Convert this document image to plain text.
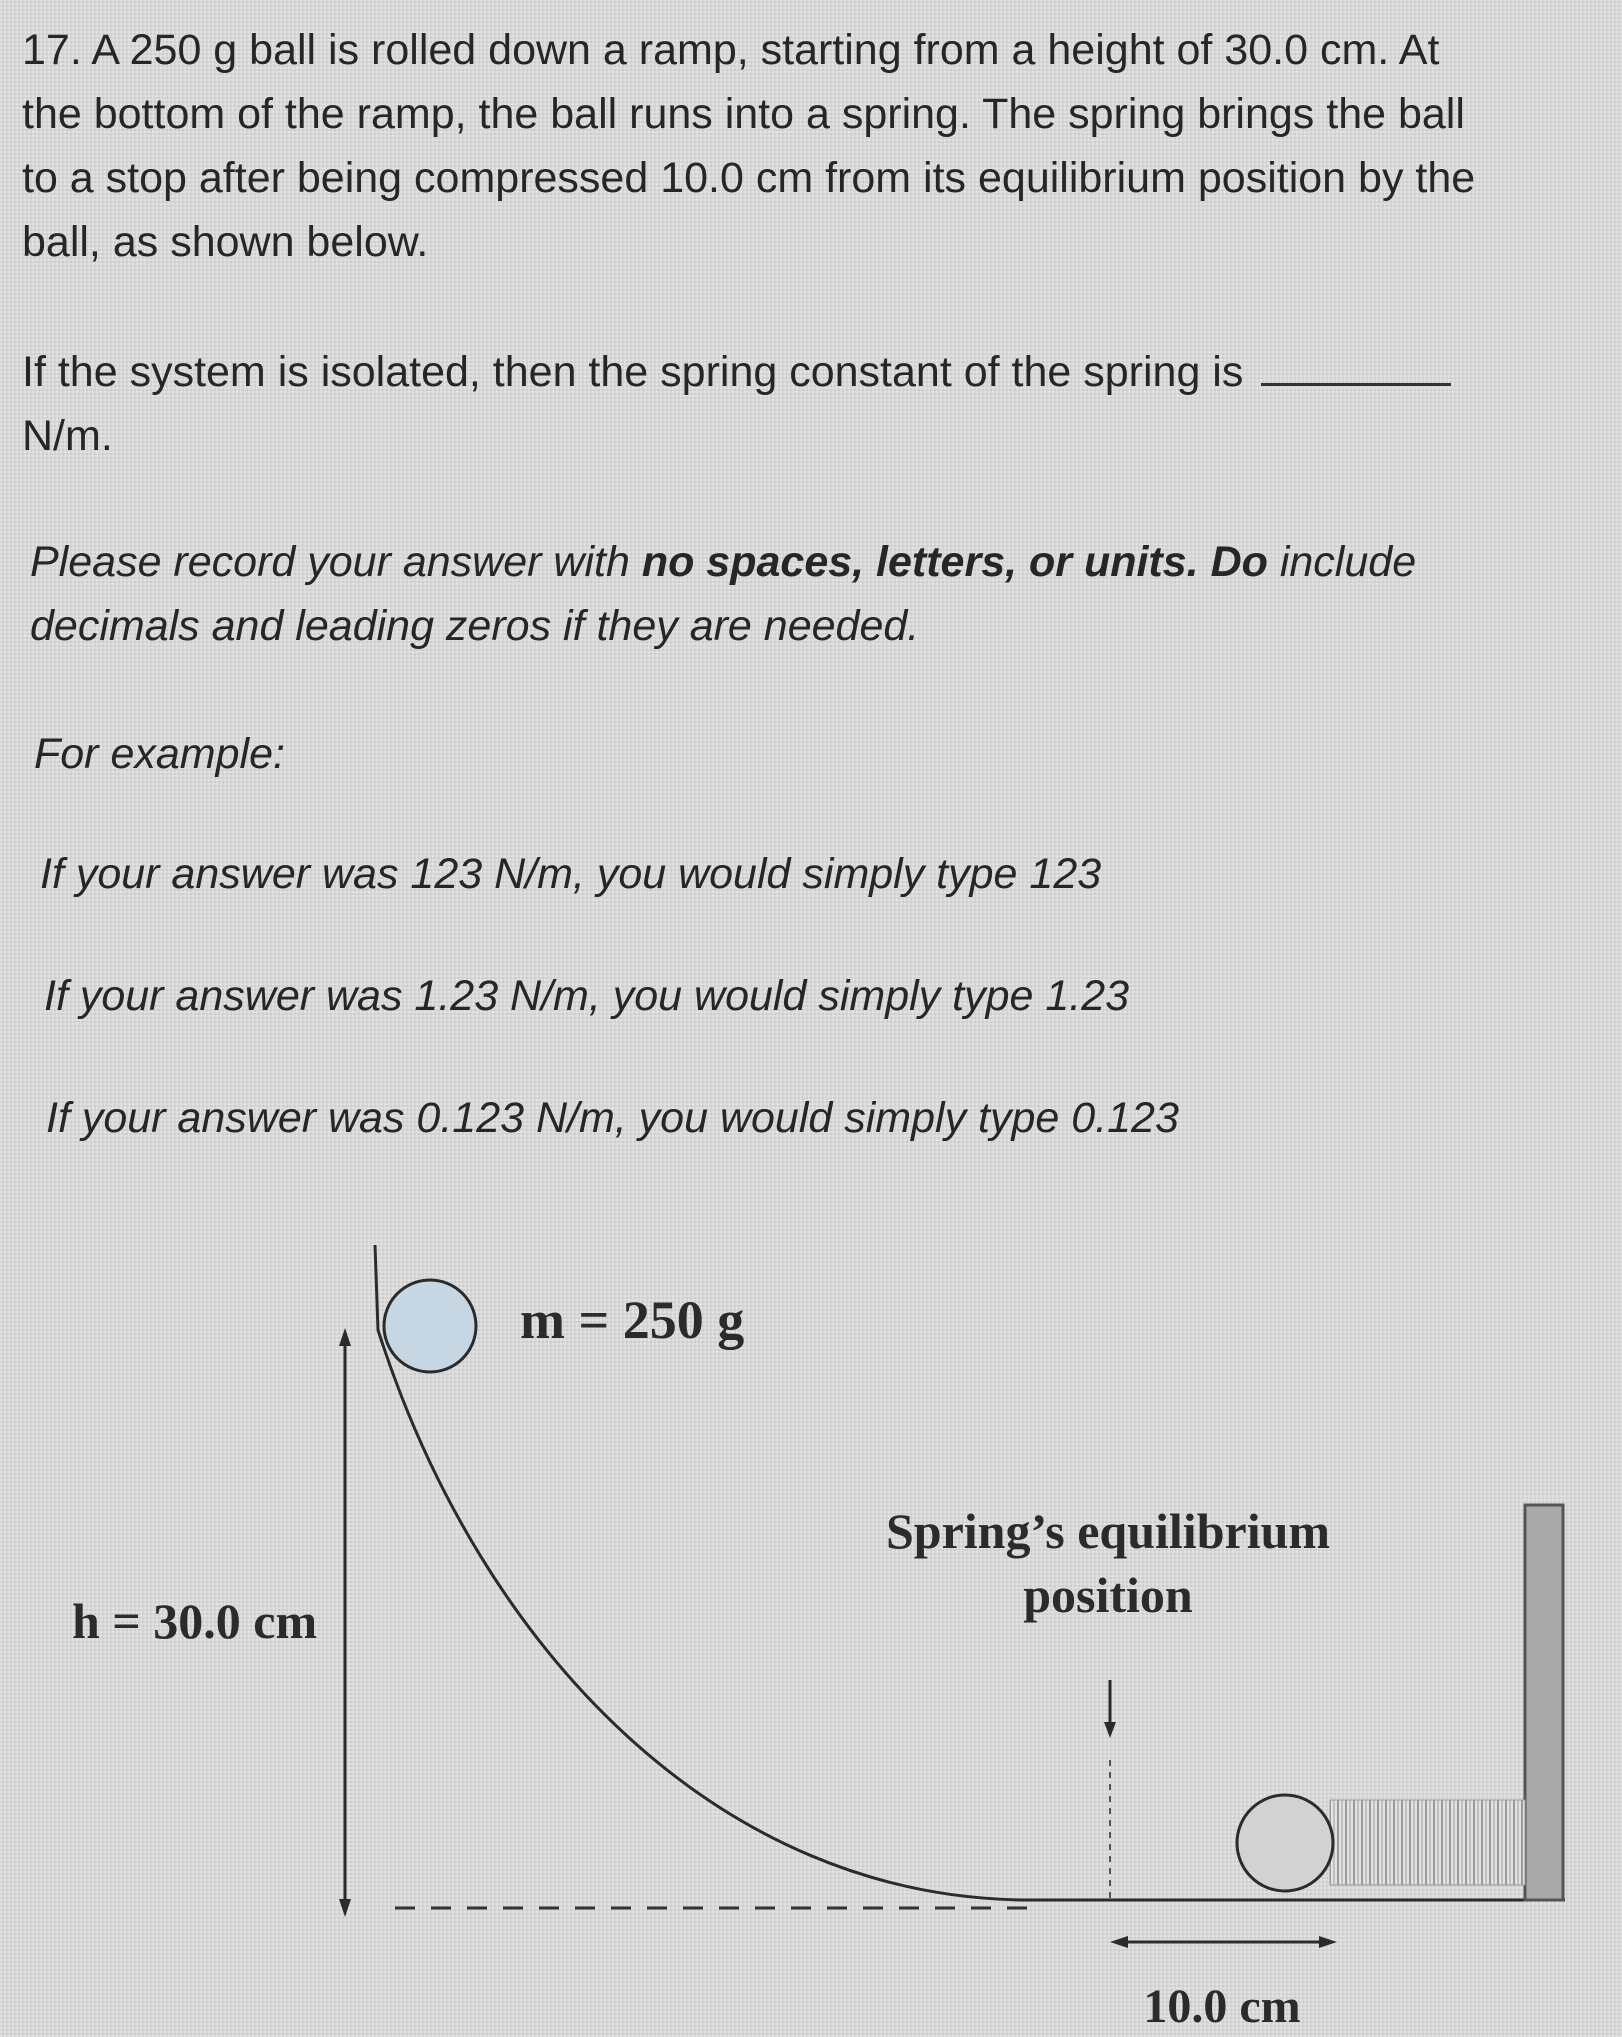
17. A 250 g ball is rolled down a ramp, starting from a height of 30.0 cm. At
the bottom of the ramp, the ball runs into a spring. The spring brings the ball
to a stop after being compressed 10.0 cm from its equilibrium position by the
ball, as shown below.

If the system is isolated, then the spring constant of the spring is
N/m.

Please record your answer with no spaces, letters, or units. Do include
decimals and leading zeros if they are needed.

For example:

If your answer was 123 N/m, you would simply type 123

If your answer was 1.23 N/m, you would simply type 1.23

If your answer was 0.123 N/m, you would simply type 0.123

m = 250 g
h = 30.0 cm
Spring’s equilibrium
position
10.0 cm
